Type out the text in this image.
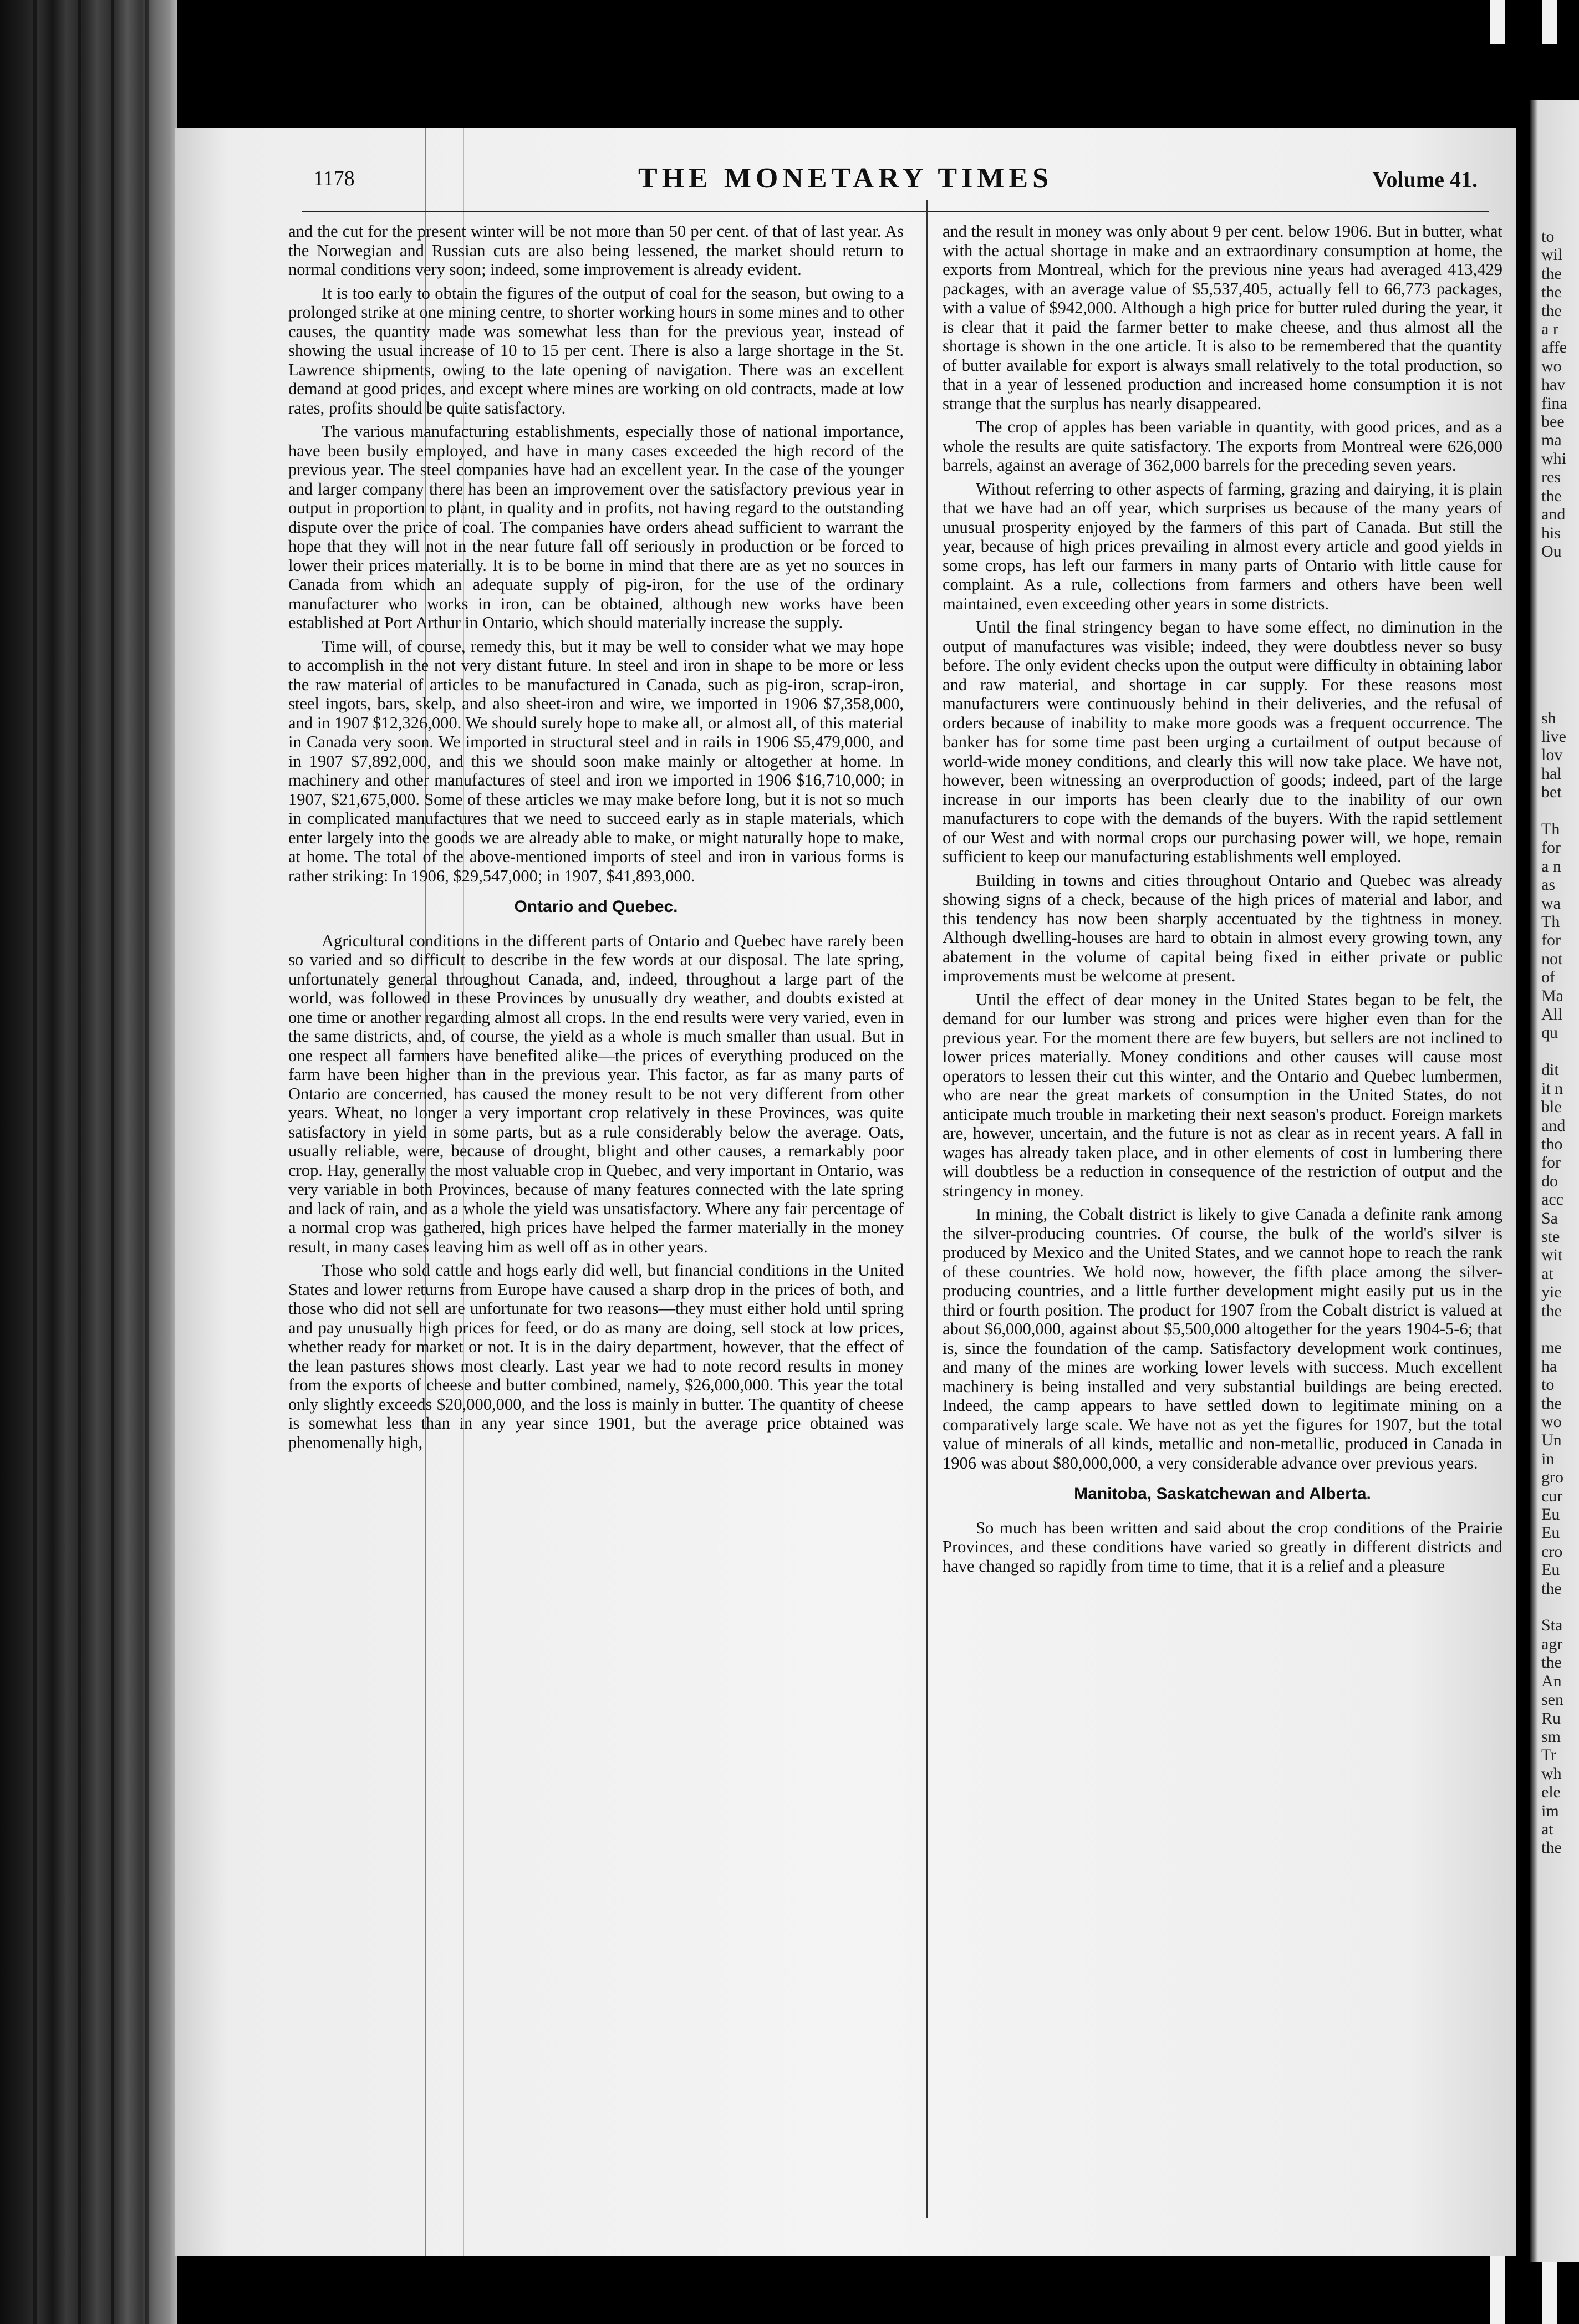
1178	THE MONETARY TIMES	Volume 41.

and the cut for the present winter will be not more than 50 per cent. of that of last year. As the Norwegian and Russian cuts are also being lessened, the market should return to normal conditions very soon; indeed, some improvement is already evident.

It is too early to obtain the figures of the output of coal for the season, but owing to a prolonged strike at one mining centre, to shorter working hours in some mines and to other causes, the quantity made was somewhat less than for the previous year, instead of showing the usual increase of 10 to 15 per cent. There is also a large shortage in the St. Lawrence shipments, owing to the late opening of navigation. There was an excellent demand at good prices, and except where mines are working on old contracts, made at low rates, profits should be quite satisfactory.

The various manufacturing establishments, especially those of national importance, have been busily employed, and have in many cases exceeded the high record of the previous year. The steel companies have had an excellent year. In the case of the younger and larger company there has been an improvement over the satisfactory previous year in output in proportion to plant, in quality and in profits, not having regard to the outstanding dispute over the price of coal. The companies have orders ahead sufficient to warrant the hope that they will not in the near future fall off seriously in production or be forced to lower their prices materially. It is to be borne in mind that there are as yet no sources in Canada from which an adequate supply of pig-iron, for the use of the ordinary manufacturer who works in iron, can be obtained, although new works have been established at Port Arthur in Ontario, which should materially increase the supply.

Time will, of course, remedy this, but it may be well to consider what we may hope to accomplish in the not very distant future. In steel and iron in shape to be more or less the raw material of articles to be manufactured in Canada, such as pig-iron, scrap-iron, steel ingots, bars, skelp, and also sheet-iron and wire, we imported in 1906 $7,358,000, and in 1907 $12,326,000. We should surely hope to make all, or almost all, of this material in Canada very soon. We imported in structural steel and in rails in 1906 $5,479,000, and in 1907 $7,892,000, and this we should soon make mainly or altogether at home. In machinery and other manufactures of steel and iron we imported in 1906 $16,710,000; in 1907, $21,675,000. Some of these articles we may make before long, but it is not so much in complicated manufactures that we need to succeed early as in staple materials, which enter largely into the goods we are already able to make, or might naturally hope to make, at home. The total of the above-mentioned imports of steel and iron in various forms is rather striking: In 1906, $29,547,000; in 1907, $41,893,000.

Ontario and Quebec.

Agricultural conditions in the different parts of Ontario and Quebec have rarely been so varied and so difficult to describe in the few words at our disposal. The late spring, unfortunately general throughout Canada, and, indeed, throughout a large part of the world, was followed in these Provinces by unusually dry weather, and doubts existed at one time or another regarding almost all crops. In the end results were very varied, even in the same districts, and, of course, the yield as a whole is much smaller than usual. But in one respect all farmers have benefited alike—the prices of everything produced on the farm have been higher than in the previous year. This factor, as far as many parts of Ontario are concerned, has caused the money result to be not very different from other years. Wheat, no longer a very important crop relatively in these Provinces, was quite satisfactory in yield in some parts, but as a rule considerably below the average. Oats, usually reliable, were, because of drought, blight and other causes, a remarkably poor crop. Hay, generally the most valuable crop in Quebec, and very important in Ontario, was very variable in both Provinces, because of many features connected with the late spring and lack of rain, and as a whole the yield was unsatisfactory. Where any fair percentage of a normal crop was gathered, high prices have helped the farmer materially in the money result, in many cases leaving him as well off as in other years.

Those who sold cattle and hogs early did well, but financial conditions in the United States and lower returns from Europe have caused a sharp drop in the prices of both, and those who did not sell are unfortunate for two reasons—they must either hold until spring and pay unusually high prices for feed, or do as many are doing, sell stock at low prices, whether ready for market or not. It is in the dairy department, however, that the effect of the lean pastures shows most clearly. Last year we had to note record results in money from the exports of cheese and butter combined, namely, $26,000,000. This year the total only slightly exceeds $20,000,000, and the loss is mainly in butter. The quantity of cheese is somewhat less than in any year since 1901, but the average price obtained was phenomenally high,

and the result in money was only about 9 per cent. below 1906. But in butter, what with the actual shortage in make and an extraordinary consumption at home, the exports from Montreal, which for the previous nine years had averaged 413,429 packages, with an average value of $5,537,405, actually fell to 66,773 packages, with a value of $942,000. Although a high price for butter ruled during the year, it is clear that it paid the farmer better to make cheese, and thus almost all the shortage is shown in the one article. It is also to be remembered that the quantity of butter available for export is always small relatively to the total production, so that in a year of lessened production and increased home consumption it is not strange that the surplus has nearly disappeared.

The crop of apples has been variable in quantity, with good prices, and as a whole the results are quite satisfactory. The exports from Montreal were 626,000 barrels, against an average of 362,000 barrels for the preceding seven years.

Without referring to other aspects of farming, grazing and dairying, it is plain that we have had an off year, which surprises us because of the many years of unusual prosperity enjoyed by the farmers of this part of Canada. But still the year, because of high prices prevailing in almost every article and good yields in some crops, has left our farmers in many parts of Ontario with little cause for complaint. As a rule, collections from farmers and others have been well maintained, even exceeding other years in some districts.

Until the final stringency began to have some effect, no diminution in the output of manufactures was visible; indeed, they were doubtless never so busy before. The only evident checks upon the output were difficulty in obtaining labor and raw material, and shortage in car supply. For these reasons most manufacturers were continuously behind in their deliveries, and the refusal of orders because of inability to make more goods was a frequent occurrence. The banker has for some time past been urging a curtailment of output because of world-wide money conditions, and clearly this will now take place. We have not, however, been witnessing an overproduction of goods; indeed, part of the large increase in our imports has been clearly due to the inability of our own manufacturers to cope with the demands of the buyers. With the rapid settlement of our West and with normal crops our purchasing power will, we hope, remain sufficient to keep our manufacturing establishments well employed.

Building in towns and cities throughout Ontario and Quebec was already showing signs of a check, because of the high prices of material and labor, and this tendency has now been sharply accentuated by the tightness in money. Although dwelling-houses are hard to obtain in almost every growing town, any abatement in the volume of capital being fixed in either private or public improvements must be welcome at present.

Until the effect of dear money in the United States began to be felt, the demand for our lumber was strong and prices were higher even than for the previous year. For the moment there are few buyers, but sellers are not inclined to lower prices materially. Money conditions and other causes will cause most operators to lessen their cut this winter, and the Ontario and Quebec lumbermen, who are near the great markets of consumption in the United States, do not anticipate much trouble in marketing their next season's product. Foreign markets are, however, uncertain, and the future is not as clear as in recent years. A fall in wages has already taken place, and in other elements of cost in lumbering there will doubtless be a reduction in consequence of the restriction of output and the stringency in money.

In mining, the Cobalt district is likely to give Canada a definite rank among the silver-producing countries. Of course, the bulk of the world's silver is produced by Mexico and the United States, and we cannot hope to reach the rank of these countries. We hold now, however, the fifth place among the silver-producing countries, and a little further development might easily put us in the third or fourth position. The product for 1907 from the Cobalt district is valued at about $6,000,000, against about $5,500,000 altogether for the years 1904-5-6; that is, since the foundation of the camp. Satisfactory development work continues, and many of the mines are working lower levels with success. Much excellent machinery is being installed and very substantial buildings are being erected. Indeed, the camp appears to have settled down to legitimate mining on a comparatively large scale. We have not as yet the figures for 1907, but the total value of minerals of all kinds, metallic and non-metallic, produced in Canada in 1906 was about $80,000,000, a very considerable advance over previous years.

Manitoba, Saskatchewan and Alberta.

So much has been written and said about the crop conditions of the Prairie Provinces, and these conditions have varied so greatly in different districts and have changed so rapidly from time to time, that it is a relief and a pleasure

to
wil
the
the
the
a r
affe
wo
hav
fina
bee
ma
whi
res
the
and
his
Ou

sh
live
lov
hal
bet

Th
for
a n
as
wa
Th
for
not
of
Ma
All
qu

dit
it n
ble
and
tho
for
do
acc
Sa
ste
wit
at
yie
the

me
ha
to
the
wo
Un
in
gro
cur
Eu
Eu
cro
Eu
the

Sta
agr
the
An
sen
Ru
sm
Tr
wh
ele
im
at
the
